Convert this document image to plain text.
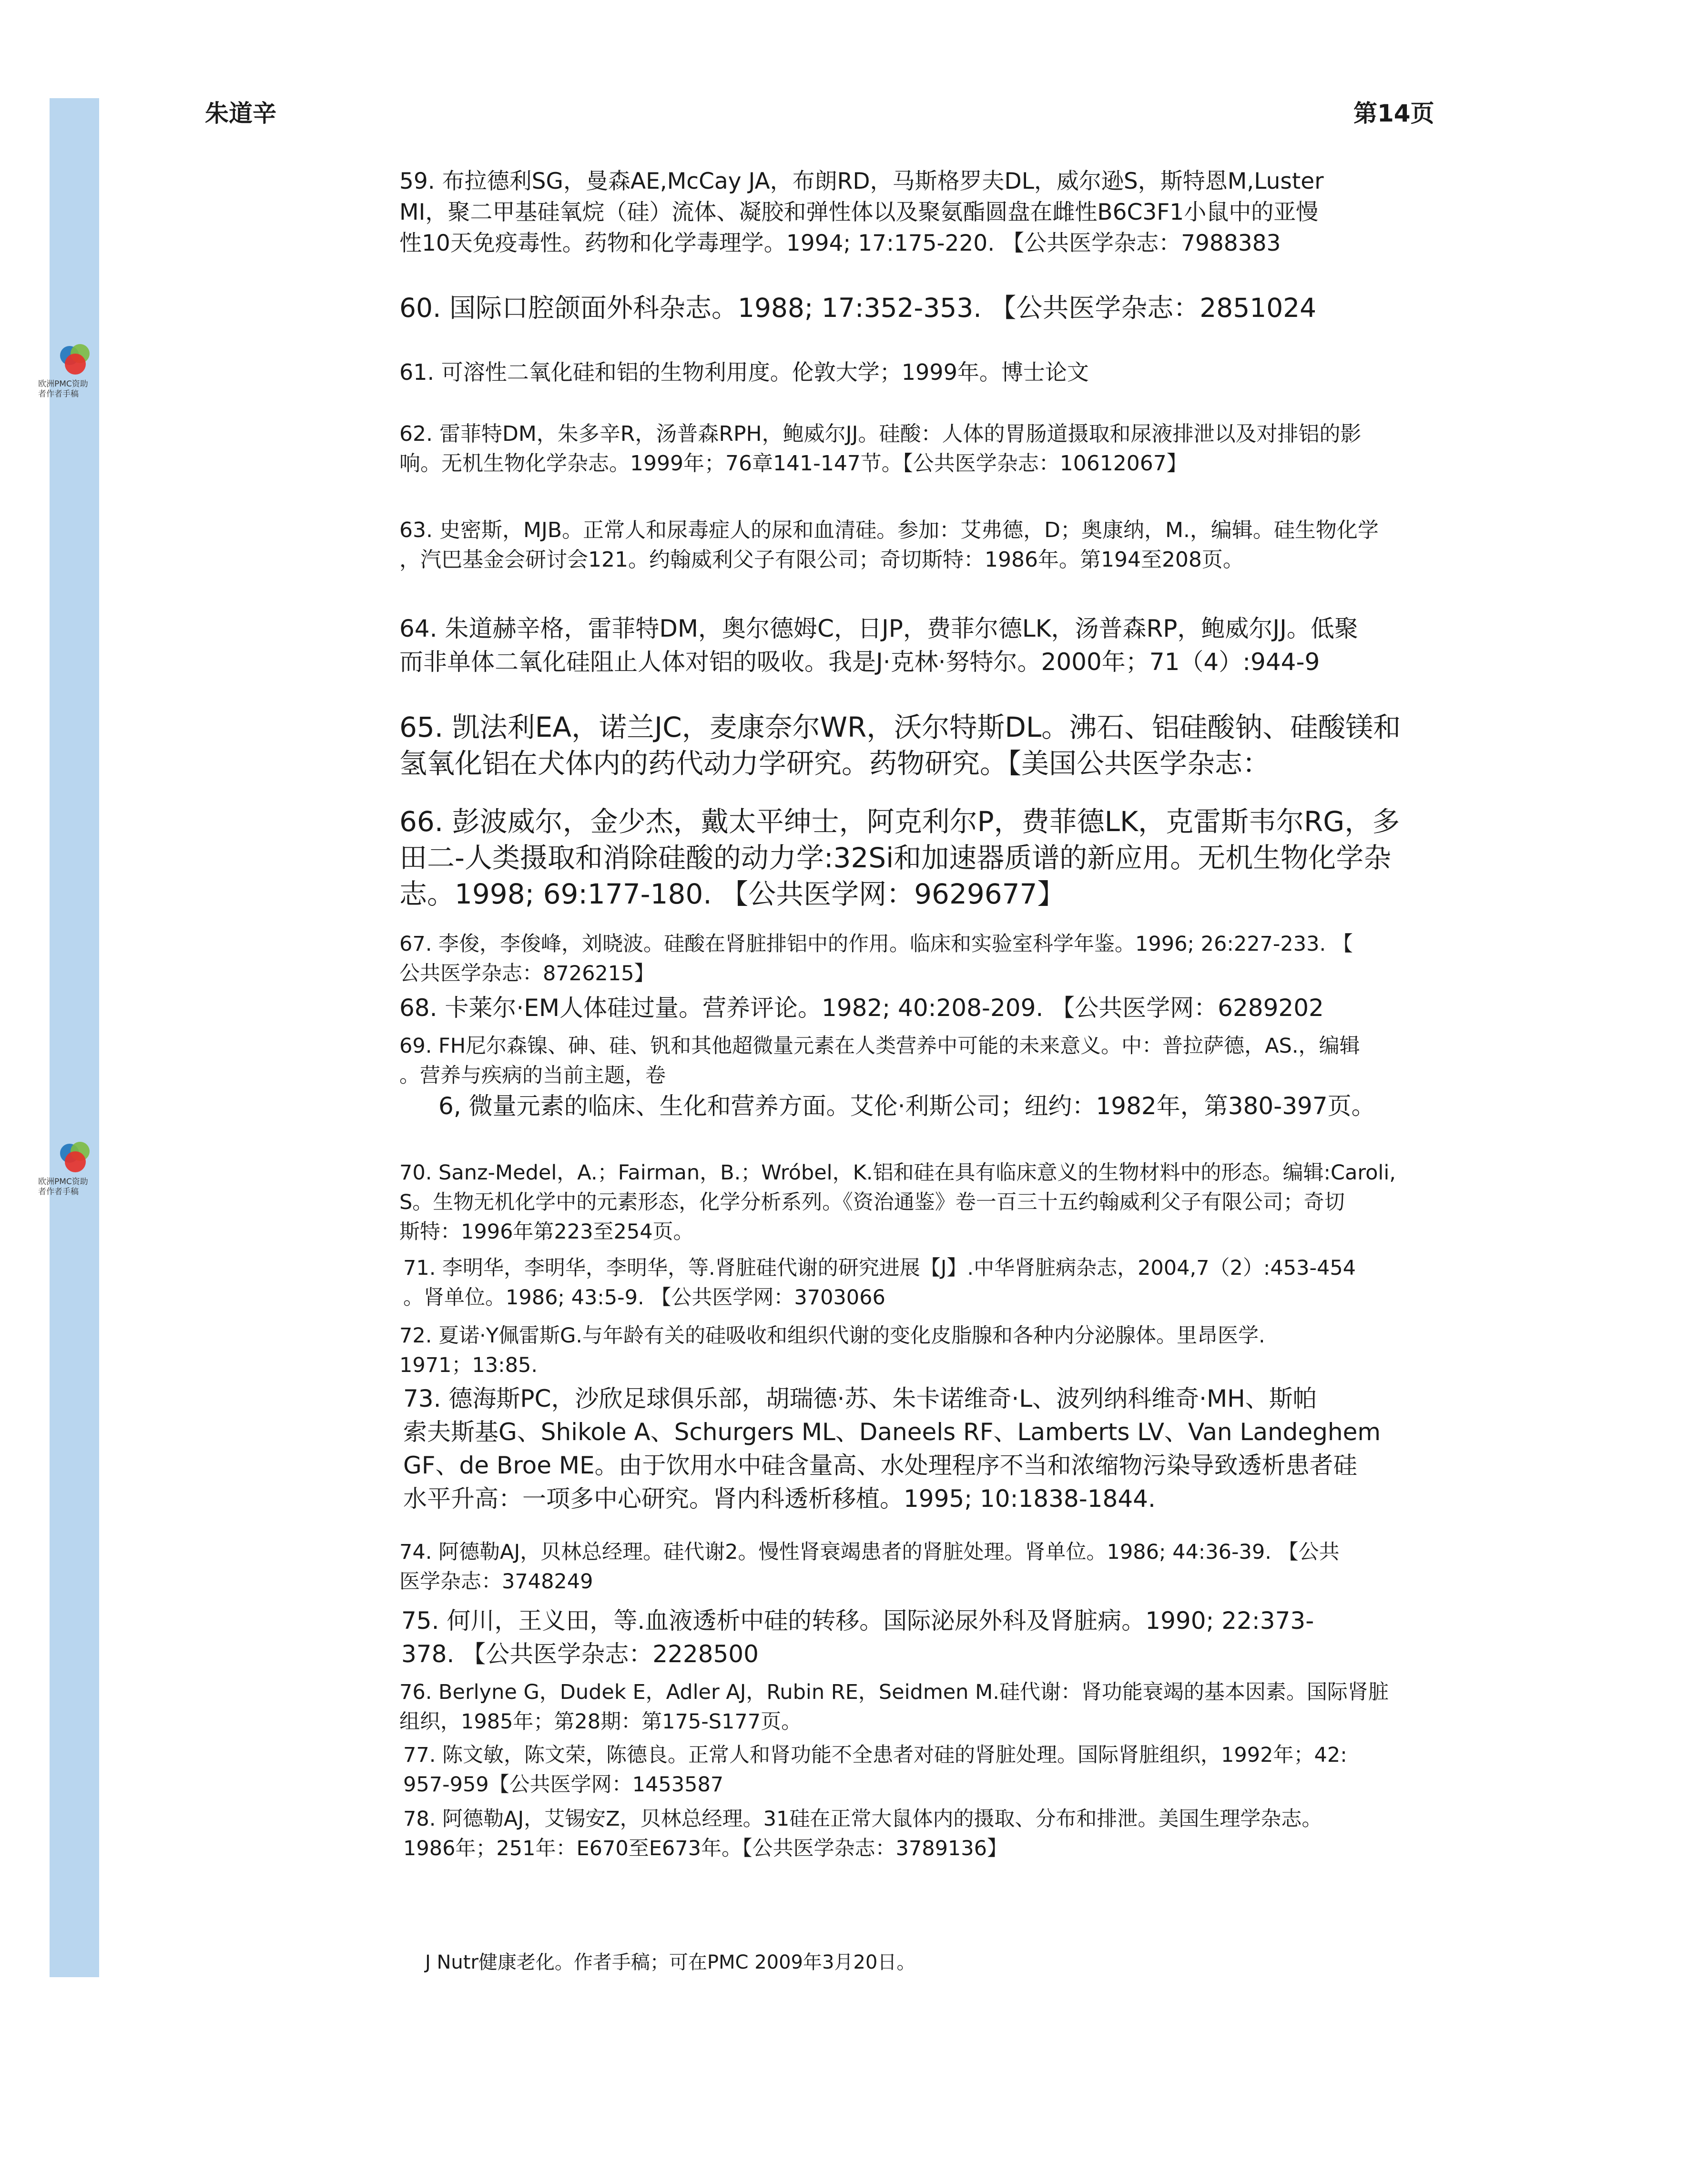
欧洲PMC资助者作者手稿
欧洲PMC资助者作者手稿
朱道辛	第14页
59. 布拉德利SG，曼森AE,McCay JA，布朗RD，马斯格罗夫DL，威尔逊S，斯特恩M,Luster
MI，聚二甲基硅氧烷（硅）流体、凝胶和弹性体以及聚氨酯圆盘在雌性B6C3F1小鼠中的亚慢
性10天免疫毒性。药物和化学毒理学。1994; 17:175-220. 【公共医学杂志：7988383
60. 国际口腔颌面外科杂志。1988; 17:352-353. 【公共医学杂志：2851024
61. 可溶性二氧化硅和铝的生物利用度。伦敦大学；1999年。博士论文
62. 雷菲特DM，朱多辛R，汤普森RPH，鲍威尔JJ。硅酸：人体的胃肠道摄取和尿液排泄以及对排铝的影
响。无机生物化学杂志。1999年；76章141-147节。【公共医学杂志：10612067】
63. 史密斯，MJB。正常人和尿毒症人的尿和血清硅。参加：艾弗德，D；奥康纳，M.，编辑。硅生物化学
，汽巴基金会研讨会121。约翰威利父子有限公司；奇切斯特：1986年。第194至208页。
64. 朱道赫辛格，雷菲特DM，奥尔德姆C，日JP，费菲尔德LK，汤普森RP，鲍威尔JJ。低聚
而非单体二氧化硅阻止人体对铝的吸收。我是J·克林·努特尔。2000年；71（4）:944-9
65. 凯法利EA，诺兰JC，麦康奈尔WR，沃尔特斯DL。沸石、铝硅酸钠、硅酸镁和
氢氧化铝在犬体内的药代动力学研究。药物研究。【美国公共医学杂志：
66. 彭波威尔，金少杰，戴太平绅士，阿克利尔P，费菲德LK，克雷斯韦尔RG，多
田二-人类摄取和消除硅酸的动力学:32Si和加速器质谱的新应用。无机生物化学杂
志。1998; 69:177-180. 【公共医学网：9629677】
67. 李俊，李俊峰，刘晓波。硅酸在肾脏排铝中的作用。临床和实验室科学年鉴。1996; 26:227-233. 【
公共医学杂志：8726215】
68. 卡莱尔·EM人体硅过量。营养评论。1982; 40:208-209. 【公共医学网：6289202
69. FH尼尔森镍、砷、硅、钒和其他超微量元素在人类营养中可能的未来意义。中：普拉萨德，AS.，编辑
。营养与疾病的当前主题，卷
6, 微量元素的临床、生化和营养方面。艾伦·利斯公司；纽约：1982年，第380-397页。
70. Sanz-Medel，A.；Fairman，B.；Wróbel，K.铝和硅在具有临床意义的生物材料中的形态。编辑:Caroli,
S。生物无机化学中的元素形态，化学分析系列。《资治通鉴》卷一百三十五约翰威利父子有限公司；奇切
斯特：1996年第223至254页。
71. 李明华，李明华，李明华，等.肾脏硅代谢的研究进展【J】.中华肾脏病杂志，2004,7（2）:453-454
。肾单位。1986; 43:5-9. 【公共医学网：3703066
72. 夏诺·Y佩雷斯G.与年龄有关的硅吸收和组织代谢的变化皮脂腺和各种内分泌腺体。里昂医学.
1971；13:85.
73. 德海斯PC，沙欣足球俱乐部，胡瑞德·苏、朱卡诺维奇·L、波列纳科维奇·MH、斯帕
索夫斯基G、Shikole A、Schurgers ML、Daneels RF、Lamberts LV、Van Landeghem
GF、de Broe ME。由于饮用水中硅含量高、水处理程序不当和浓缩物污染导致透析患者硅
水平升高：一项多中心研究。肾内科透析移植。1995; 10:1838-1844.
74. 阿德勒AJ，贝林总经理。硅代谢2。慢性肾衰竭患者的肾脏处理。肾单位。1986; 44:36-39. 【公共
医学杂志：3748249
75. 何川，王义田，等.血液透析中硅的转移。国际泌尿外科及肾脏病。1990; 22:373-
378. 【公共医学杂志：2228500
76. Berlyne G，Dudek E，Adler AJ，Rubin RE，Seidmen M.硅代谢：肾功能衰竭的基本因素。国际肾脏
组织，1985年；第28期：第175-S177页。
77. 陈文敏，陈文荣，陈德良。正常人和肾功能不全患者对硅的肾脏处理。国际肾脏组织，1992年；42:
957-959【公共医学网：1453587
78. 阿德勒AJ，艾锡安Z，贝林总经理。31硅在正常大鼠体内的摄取、分布和排泄。美国生理学杂志。
1986年；251年：E670至E673年。【公共医学杂志：3789136】
J Nutr健康老化。作者手稿；可在PMC 2009年3月20日。
